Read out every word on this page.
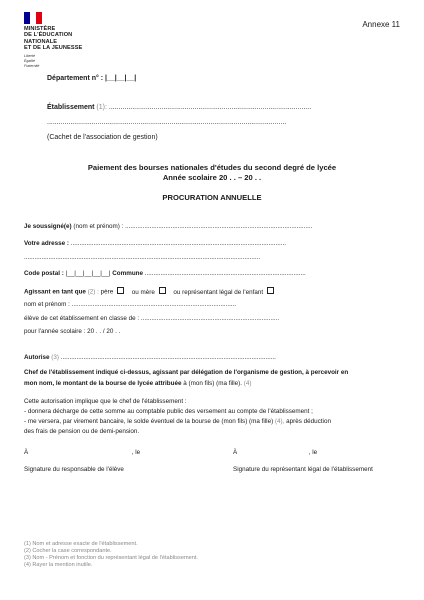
MINISTÈRE
DE L'ÉDUCATION
NATIONALE
ET DE LA JEUNESSE
Liberté
Égalité
Fraternité
Annexe 11
Département n° : |__|__|__|
Établissement (1): ........................................................................................................
...........................................................................................................................
(Cachet de l'association de gestion)
Paiement des bourses nationales d'études du second degré de lycée
Année scolaire 20 . . – 20 . .
PROCURATION ANNUELLE
Je soussigné(e) (nom et prénom) : ...........................................................................................................
Votre adresse : ...........................................................................................................................
.......................................................................................................................................
Code postal : |__|__|__|__|__| Commune ............................................................................................
Agissant en tant que (2) : père	ou mère	ou représentant légal de l'enfant
nom et prénom : ..............................................................................................
élève de cet établissement en classe de : ...............................................................................
pour l'année scolaire : 20 . . / 20 . .
Autorise (3) ...........................................................................................................................
Chef de l'établissement indiqué ci-dessus, agissant par délégation de l'organisme de gestion, à percevoir en
mon nom, le montant de la bourse de lycée attribuée à (mon fils) (ma fille). (4)
Cette autorisation implique que le chef de l'établissement :
- donnera décharge de cette somme au comptable public des versement au compte de l'établissement ;
- me versera, par virement bancaire, le solde éventuel de la bourse de (mon fils) (ma fille) (4), après déduction
des frais de pension ou de demi-pension.
À	, le	À	, le
Signature du responsable de l'élève	Signature du représentant légal de l'établissement
(1) Nom et adresse exacte de l'établissement.
(2) Cocher la case correspondante.
(3) Nom - Prénom et fonction du représentant légal de l'établissement.
(4) Rayer la mention inutile.
